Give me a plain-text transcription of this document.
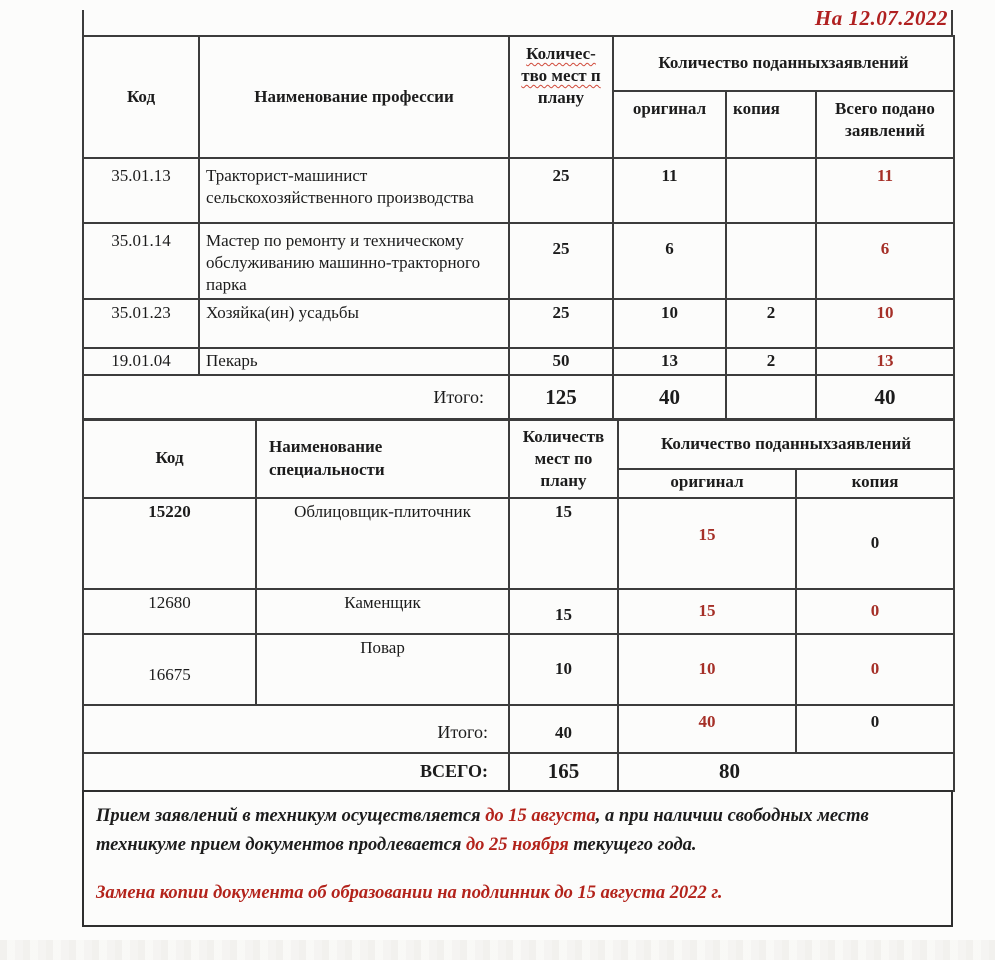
На 12.07.2022
Код	Наименование профессии	Количес-
тво мест п
плану	Количество поданныхзаявлений		
			оригинал	копия	Всего подано заявлений
35.01.13	Тракторист-машинист сельскохозяйственного производства	25	11		11
35.01.14	Мастер по ремонту и техническому обслуживанию машинно-тракторного парка	25	6		6
35.01.23	Хозяйка(ин) усадьбы	25	10	2	10
19.01.04	Пекарь	50	13	2	13
Итого:		125	40		40
Код	Наименование специальности	Количеств
мест по
плану	Количество поданныхзаявлений	
			оригинал	копия
15220	Облицовщик-плиточник	15	15	0
12680	Каменщик	15	15	0
16675	Повар	10	10	0
Итого:		40	40	0
ВСЕГО:		165	80	
Прием заявлений в техникум осуществляется до 15 августа, а при наличии свободных меств техникуме прием документов продлевается до 25 ноября текущего года.
Замена копии документа об образовании на подлинник до 15 августа 2022 г.
